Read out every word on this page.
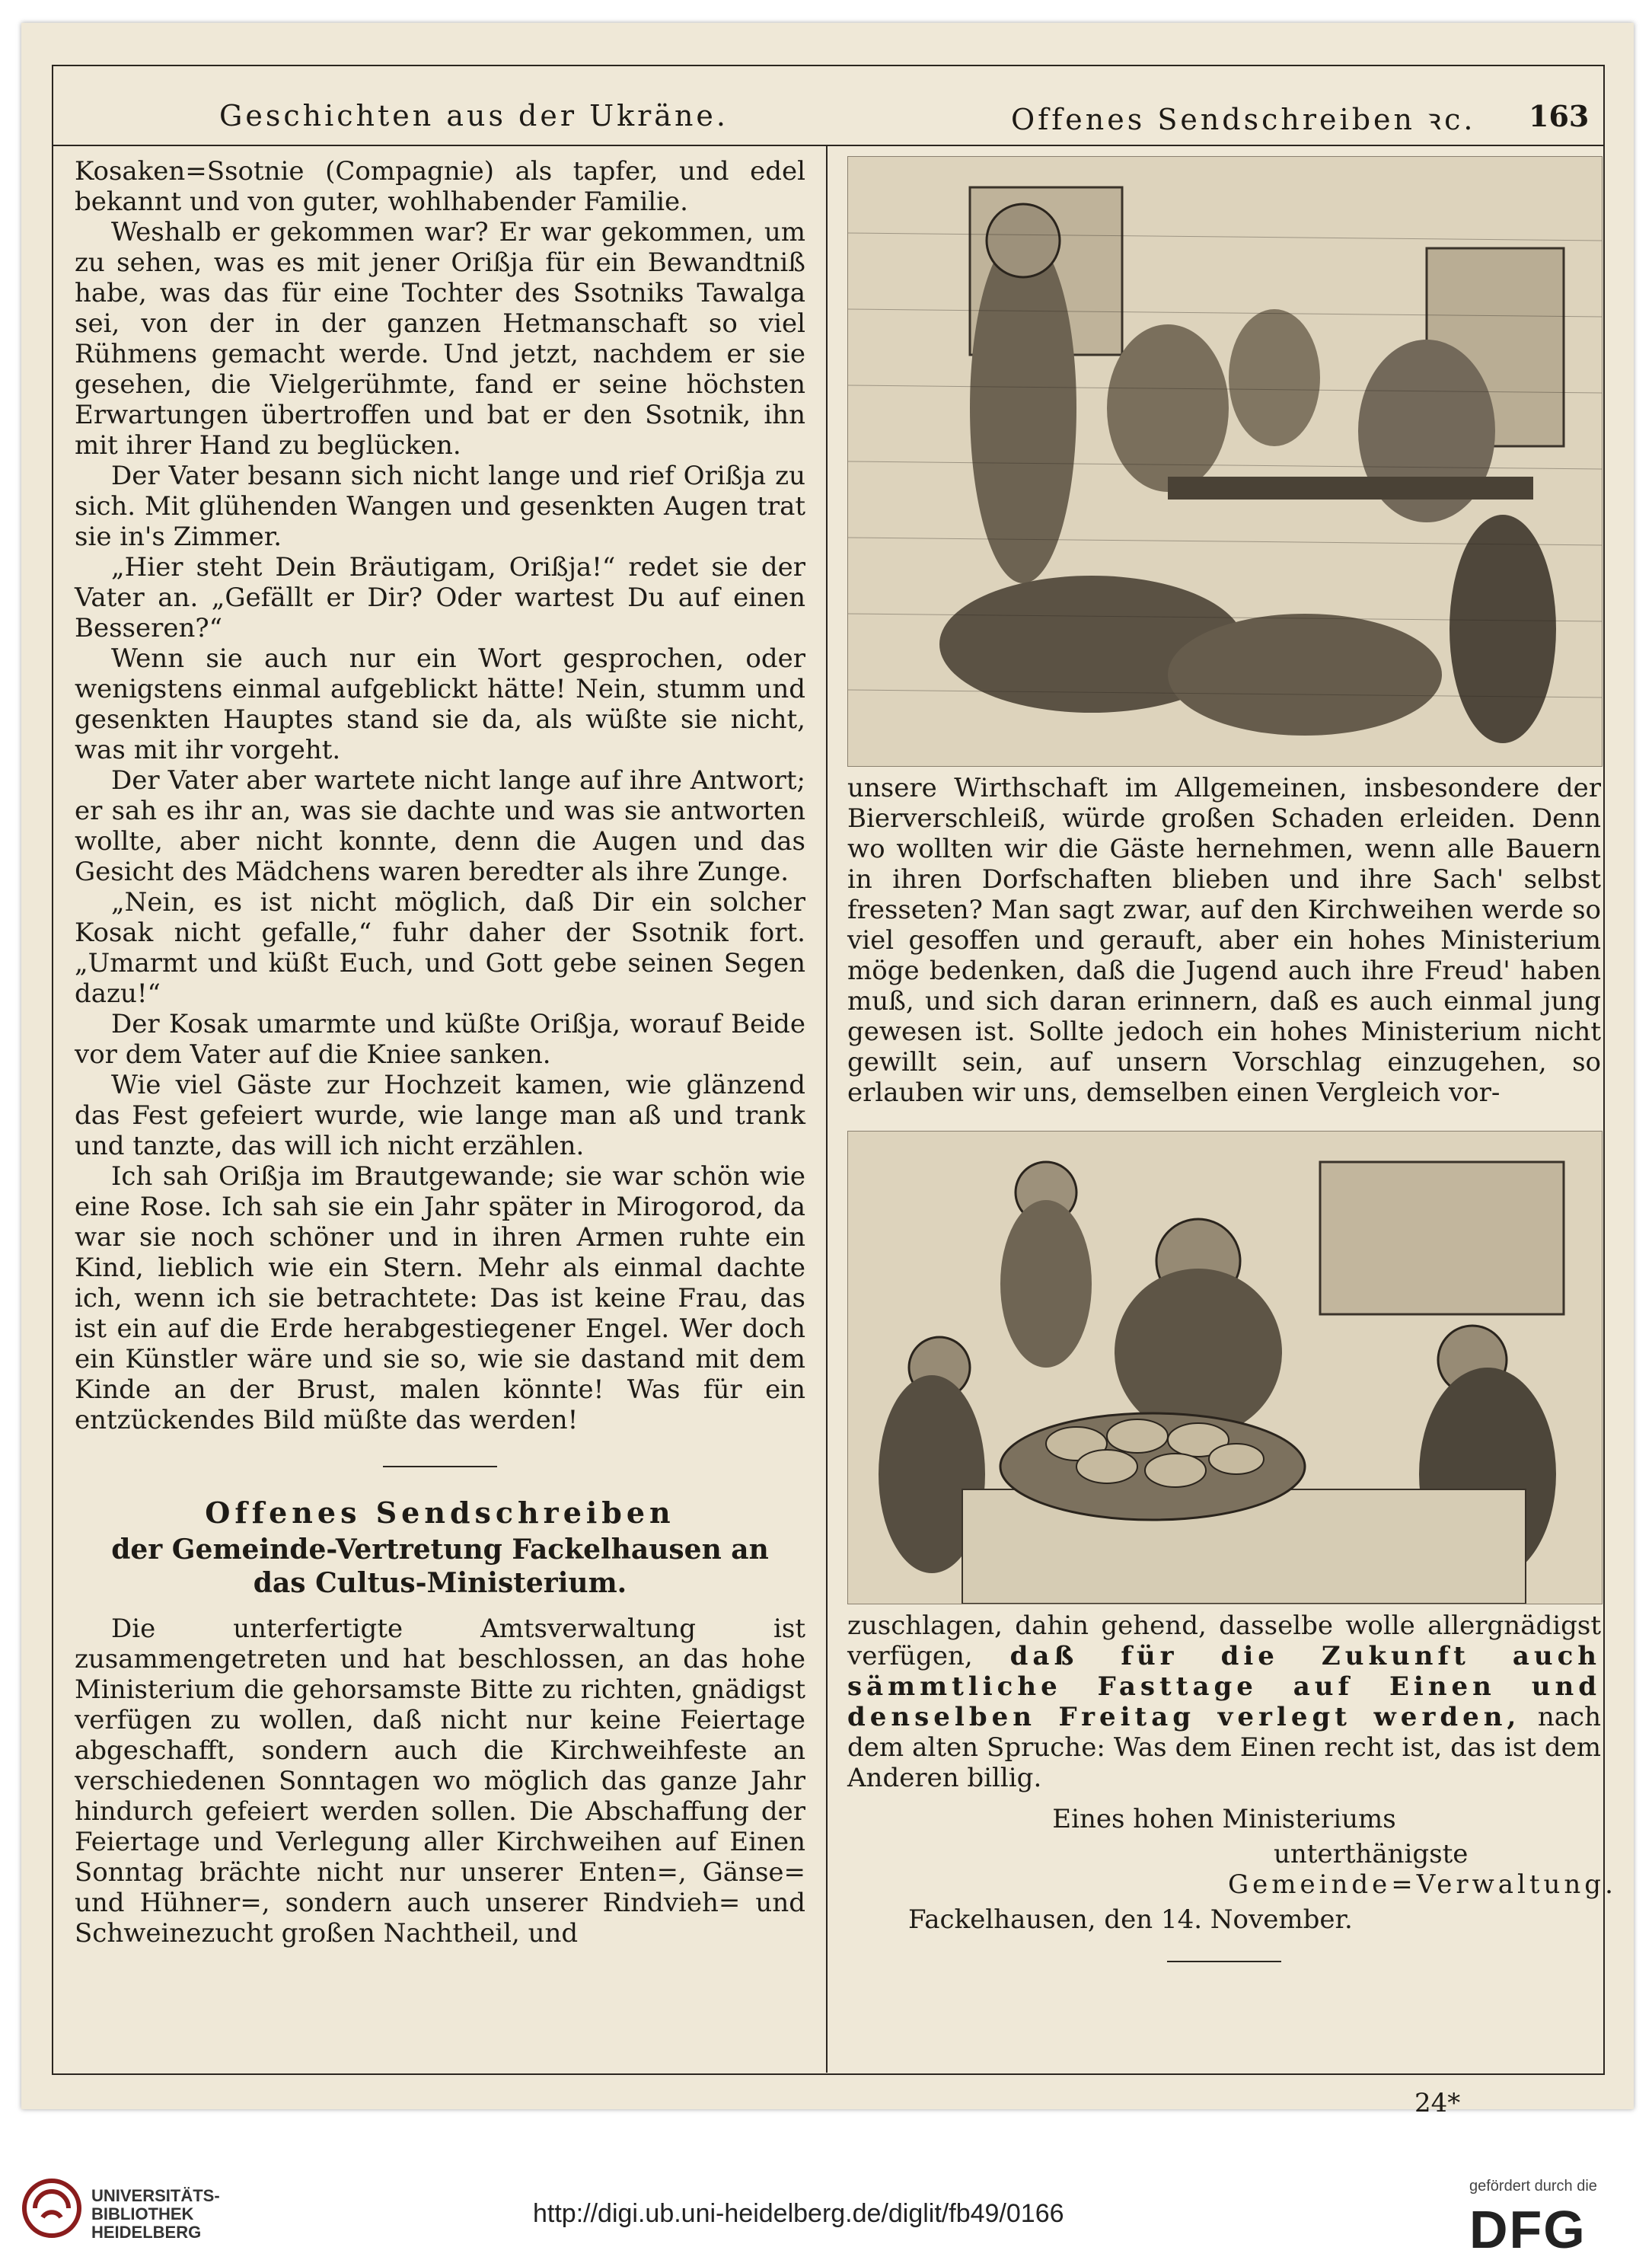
Geschichten aus der Ukräne.	Offenes Sendschreiben ꝛc. 163

Kosaken=Ssotnie (Compagnie) als tapfer, und edel bekannt und von guter, wohlhabender Familie.

Weshalb er gekommen war? Er war gekommen, um zu sehen, was es mit jener Orißja für ein Bewandtniß habe, was das für eine Tochter des Ssotniks Tawalga sei, von der in der ganzen Hetmanschaft so viel Rühmens gemacht werde. Und jetzt, nachdem er sie gesehen, die Vielgerühmte, fand er seine höchsten Erwartungen übertroffen und bat er den Ssotnik, ihn mit ihrer Hand zu beglücken.

Der Vater besann sich nicht lange und rief Orißja zu sich. Mit glühenden Wangen und gesenkten Augen trat sie in's Zimmer.

„Hier steht Dein Bräutigam, Orißja!“ redet sie der Vater an. „Gefällt er Dir? Oder wartest Du auf einen Besseren?“

Wenn sie auch nur ein Wort gesprochen, oder wenigstens einmal aufgeblickt hätte! Nein, stumm und gesenkten Hauptes stand sie da, als wüßte sie nicht, was mit ihr vorgeht.

Der Vater aber wartete nicht lange auf ihre Antwort; er sah es ihr an, was sie dachte und was sie antworten wollte, aber nicht konnte, denn die Augen und das Gesicht des Mädchens waren beredter als ihre Zunge.

„Nein, es ist nicht möglich, daß Dir ein solcher Kosak nicht gefalle,“ fuhr daher der Ssotnik fort. „Umarmt und küßt Euch, und Gott gebe seinen Segen dazu!“

Der Kosak umarmte und küßte Orißja, worauf Beide vor dem Vater auf die Kniee sanken.

Wie viel Gäste zur Hochzeit kamen, wie glänzend das Fest gefeiert wurde, wie lange man aß und trank und tanzte, das will ich nicht erzählen.

Ich sah Orißja im Brautgewande; sie war schön wie eine Rose. Ich sah sie ein Jahr später in Mirogorod, da war sie noch schöner und in ihren Armen ruhte ein Kind, lieblich wie ein Stern. Mehr als einmal dachte ich, wenn ich sie betrachtete: Das ist keine Frau, das ist ein auf die Erde herabgestiegener Engel. Wer doch ein Künstler wäre und sie so, wie sie dastand mit dem Kinde an der Brust, malen könnte! Was für ein entzückendes Bild müßte das werden!

Offenes Sendschreiben

der Gemeinde-Vertretung Fackelhausen an das Cultus-Ministerium.

Die unterfertigte Amtsverwaltung ist zusammengetreten und hat beschlossen, an das hohe Ministerium die gehorsamste Bitte zu richten, gnädigst verfügen zu wollen, daß nicht nur keine Feiertage abgeschafft, sondern auch die Kirchweihfeste an verschiedenen Sonntagen wo möglich das ganze Jahr hindurch gefeiert werden sollen. Die Abschaffung der Feiertage und Verlegung aller Kirchweihen auf Einen Sonntag brächte nicht nur unserer Enten=, Gänse= und Hühner=, sondern auch unserer Rindvieh= und Schweinezucht großen Nachtheil, und

unsere Wirthschaft im Allgemeinen, insbesondere der Bierverschleiß, würde großen Schaden erleiden. Denn wo wollten wir die Gäste hernehmen, wenn alle Bauern in ihren Dorfschaften blieben und ihre Sach' selbst fresseten? Man sagt zwar, auf den Kirchweihen werde so viel gesoffen und gerauft, aber ein hohes Ministerium möge bedenken, daß die Jugend auch ihre Freud' haben muß, und sich daran erinnern, daß es auch einmal jung gewesen ist. Sollte jedoch ein hohes Ministerium nicht gewillt sein, auf unsern Vorschlag einzugehen, so erlauben wir uns, demselben einen Vergleich vor-

zuschlagen, dahin gehend, dasselbe wolle allergnädigst verfügen, daß für die Zukunft auch sämmtliche Fasttage auf Einen und denselben Freitag verlegt werden, nach dem alten Spruche: Was dem Einen recht ist, das ist dem Anderen billig.

Eines hohen Ministeriums

unterthänigste

Gemeinde=Verwaltung.

Fackelhausen, den 14. November.

24*
UNIVERSITÄTS-
BIBLIOTHEK
HEIDELBERG
http://digi.ub.uni-heidelberg.de/diglit/fb49/0166
gefördert durch die
DFG
